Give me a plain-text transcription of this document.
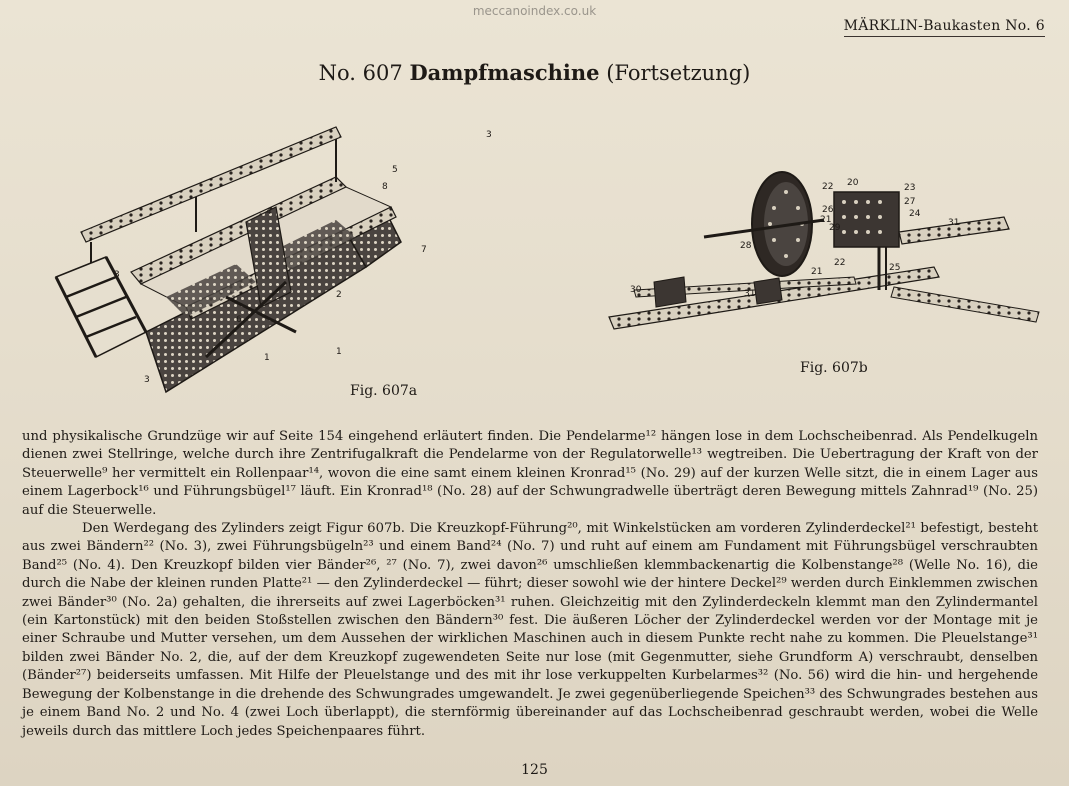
meccanoindex.co.uk
MÄRKLIN-Baukasten No. 6
No. 607 Dampfmaschine (Fortsetzung)
1
1
1
2
3
3
3
4
5
6
7
8
Fig. 607a
20
21
21
22
22
23
24
25
26
27
28
29
30	31
31
Fig. 607b

und physikalische Grundzüge wir auf Seite 154 eingehend erläutert finden. Die Pendelarme¹² hängen lose in dem Lochscheibenrad. Als Pendelkugeln dienen zwei Stellringe, welche durch ihre Zentrifugalkraft die Pendelarme von der Regulatorwelle¹³ wegtreiben. Die Uebertragung der Kraft von der Steuerwelle⁹ her vermittelt ein Rollenpaar¹⁴, wovon die eine samt einem kleinen Kronrad¹⁵ (No. 29) auf der kurzen Welle sitzt, die in einem Lager aus einem Lagerbock¹⁶ und Führungsbügel¹⁷ läuft. Ein Kronrad¹⁸ (No. 28) auf der Schwungradwelle überträgt deren Bewegung mittels Zahnrad¹⁹ (No. 25) auf die Steuerwelle.

Den Werdegang des Zylinders zeigt Figur 607b. Die Kreuzkopf-Führung²⁰, mit Winkelstücken am vorderen Zylinderdeckel²¹ befestigt, besteht aus zwei Bändern²² (No. 3), zwei Führungsbügeln²³ und einem Band²⁴ (No. 7) und ruht auf einem am Fundament mit Führungsbügel verschraubten Band²⁵ (No. 4). Den Kreuzkopf bilden vier Bänder²⁶, ²⁷ (No. 7), zwei davon²⁶ umschließen klemmbackenartig die Kolbenstange²⁸ (Welle No. 16), die durch die Nabe der kleinen runden Platte²¹ — den Zylinderdeckel — führt; dieser sowohl wie der hintere Deckel²⁹ werden durch Einklemmen zwischen zwei Bänder³⁰ (No. 2a) gehalten, die ihrerseits auf zwei Lagerböcken³¹ ruhen. Gleichzeitig mit den Zylinderdeckeln klemmt man den Zylindermantel (ein Kartonstück) mit den beiden Stoßstellen zwischen den Bändern³⁰ fest. Die äußeren Löcher der Zylinderdeckel werden vor der Montage mit je einer Schraube und Mutter versehen, um dem Aussehen der wirklichen Maschinen auch in diesem Punkte recht nahe zu kommen. Die Pleuelstange³¹ bilden zwei Bänder No. 2, die, auf der dem Kreuzkopf zugewendeten Seite nur lose (mit Gegenmutter, siehe Grundform A) verschraubt, denselben (Bänder²⁷) beiderseits umfassen. Mit Hilfe der Pleuelstange und des mit ihr lose verkuppelten Kurbelarmes³² (No. 56) wird die hin- und hergehende Bewegung der Kolbenstange in die drehende des Schwungrades umgewandelt. Je zwei gegenüberliegende Speichen³³ des Schwungrades bestehen aus je einem Band No. 2 und No. 4 (zwei Loch überlappt), die sternförmig übereinander auf das Lochscheibenrad geschraubt werden, wobei die Welle jeweils durch das mittlere Loch jedes Speichenpaares führt.

125
